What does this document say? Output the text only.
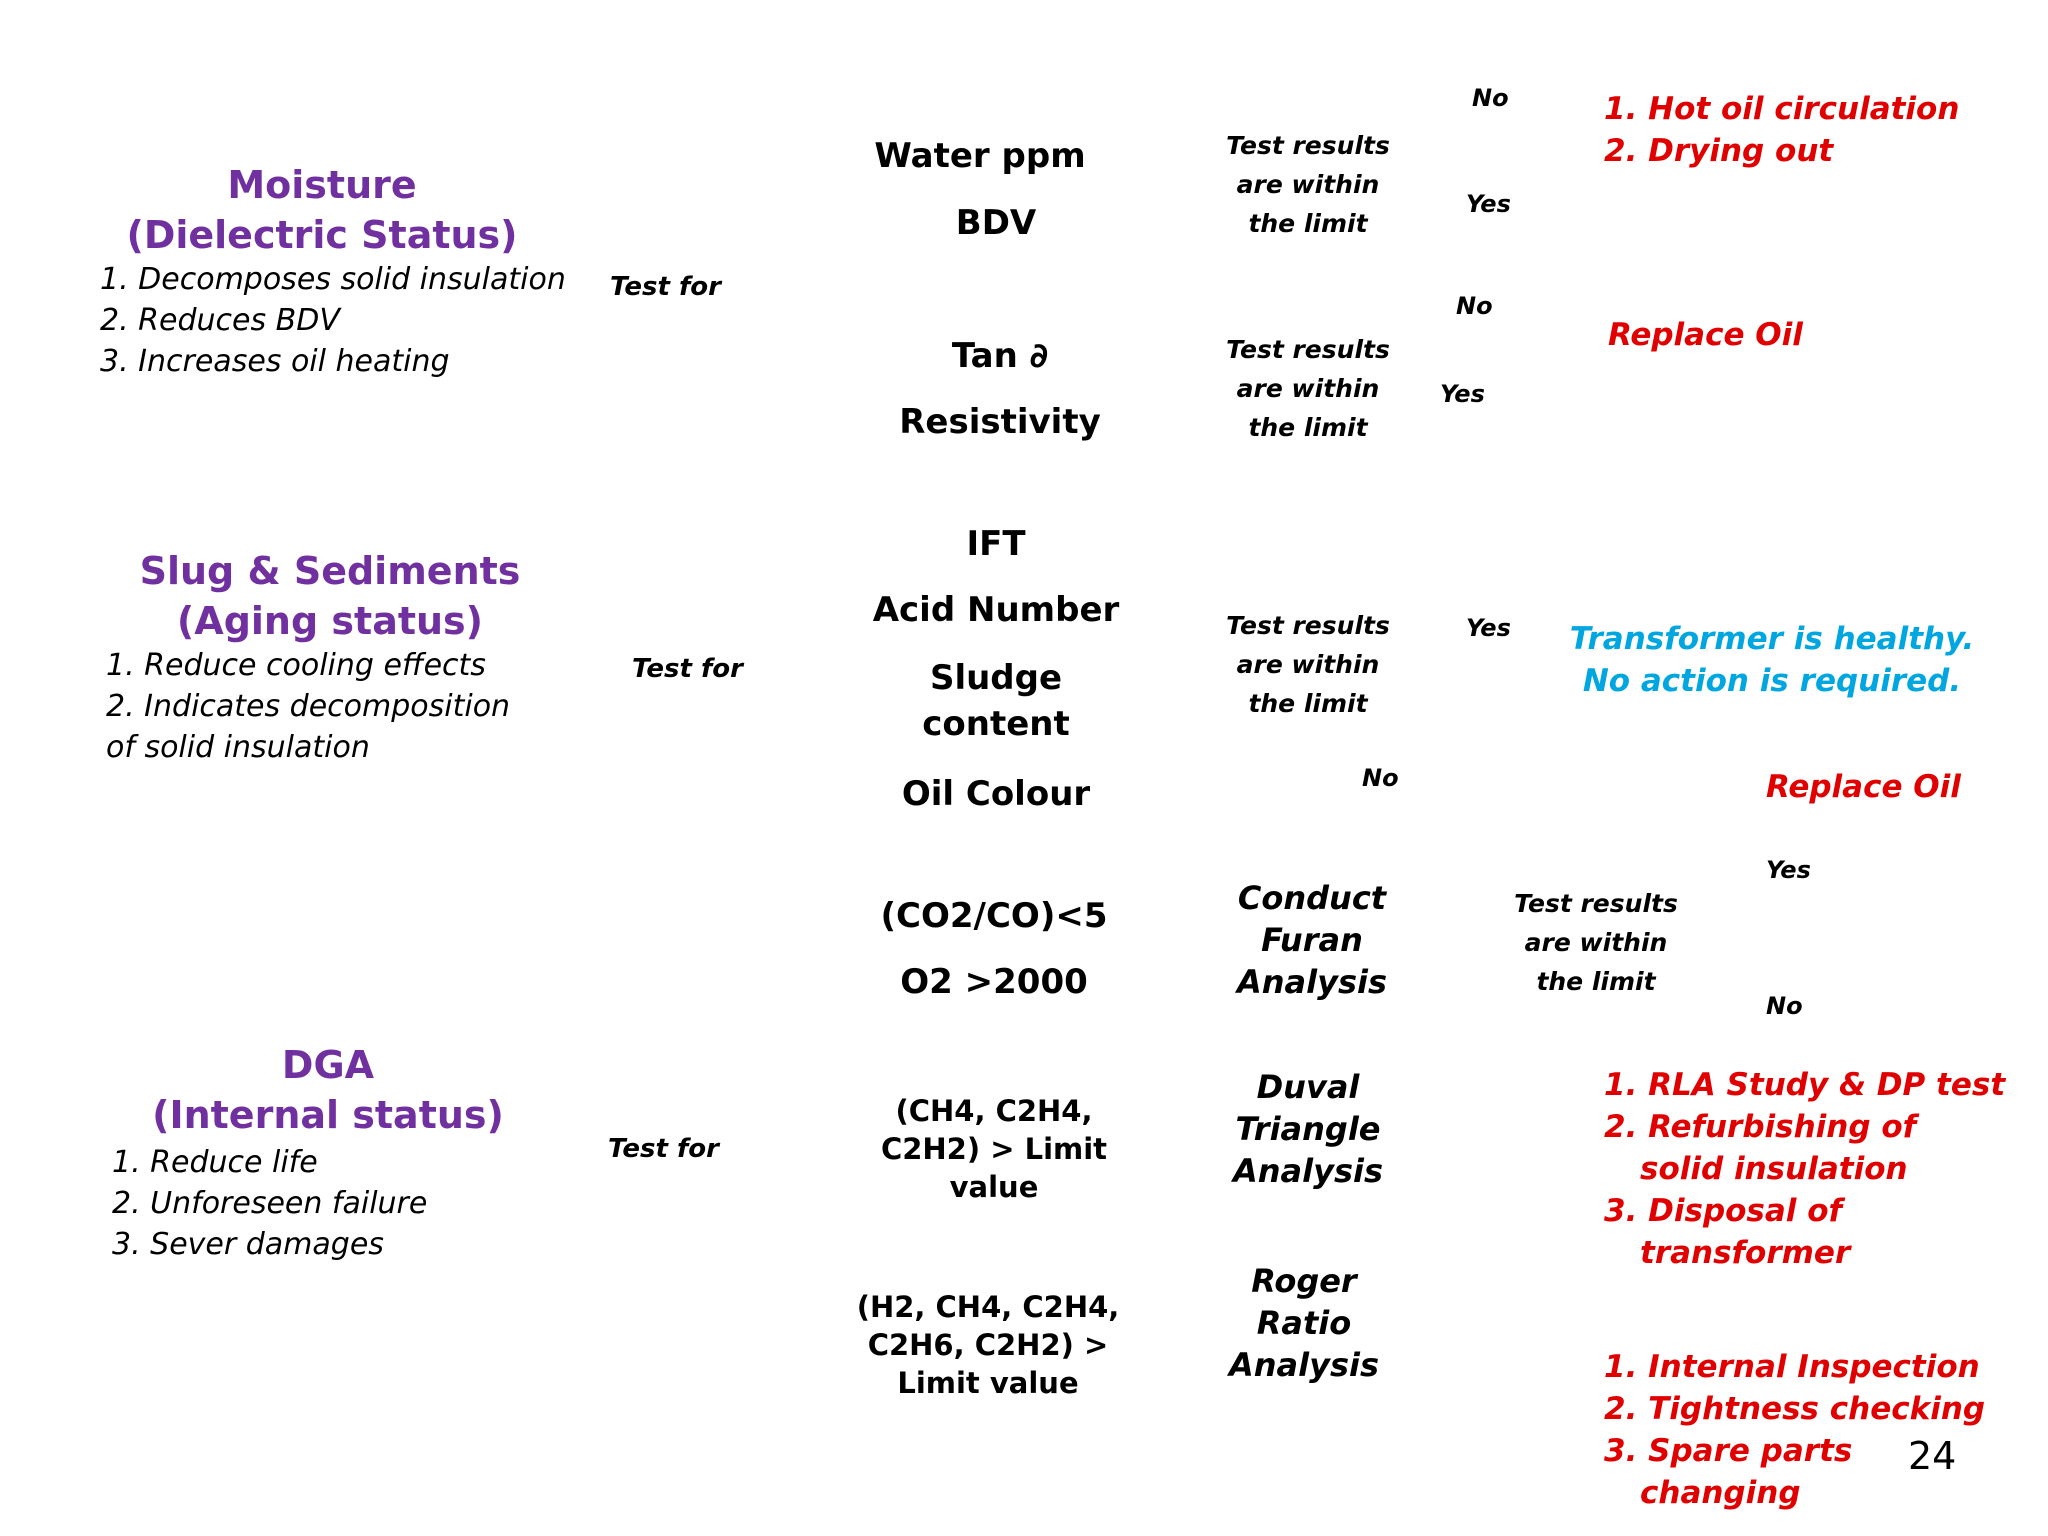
Moisture
(Dielectric Status)
1. Decomposes solid insulation
2. Reduces BDV
3. Increases oil heating
Test for
Slug & Sediments
(Aging status)
1. Reduce cooling effects
2. Indicates decomposition
of solid insulation
Test for
DGA
(Internal status)
1. Reduce life
2. Unforeseen failure
3. Sever damages
Test for
Water ppm
BDV
Tan ∂
Resistivity
IFT
Acid Number
Sludge
content
Oil Colour
(CO2/CO)<5
O2 >2000
(CH4, C2H4,
C2H2) > Limit
value
(H2, CH4, C2H4,
C2H6, C2H2) >
Limit value
Test results
are within
the limit
Test results
are within
the limit
Test results
are within
the limit
Test results
are within
the limit
No
Yes
No
Yes
Yes
No
Yes
No
Conduct
Furan
Analysis
Duval
Triangle
Analysis
Roger
Ratio
Analysis
1. Hot oil circulation
2. Drying out
Replace Oil
Transformer is healthy.
No action is required.
Replace Oil
1. RLA Study & DP test
2. Refurbishing of
solid insulation
3. Disposal of
transformer
1. Internal Inspection
2. Tightness checking
3. Spare parts
changing
24
